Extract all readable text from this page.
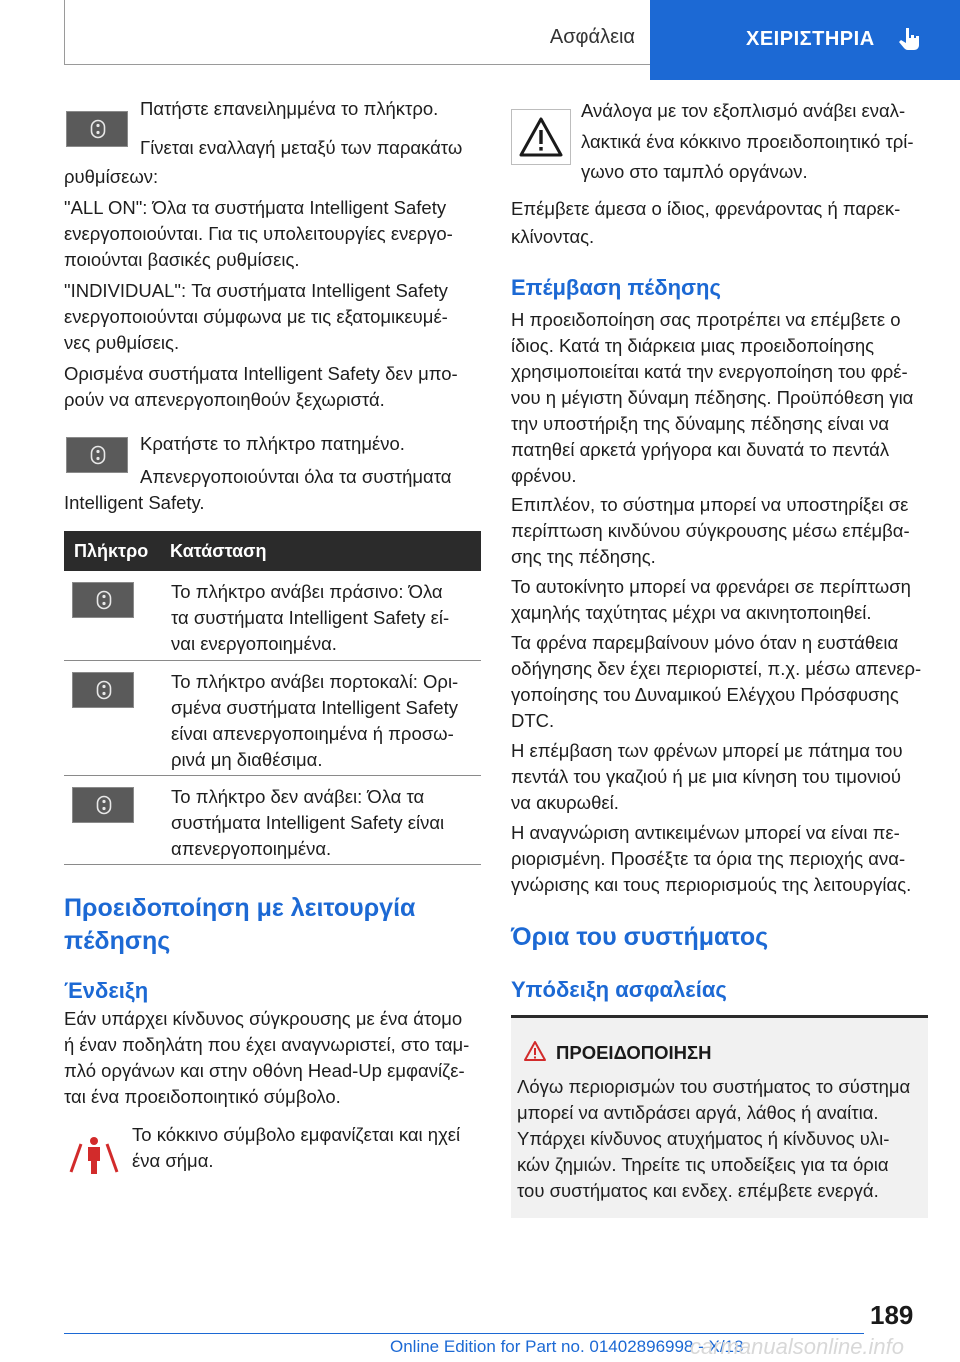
Ασφάλεια	ΧΕΙΡΙΣΤΗΡΙΑ
Πατήστε επανειλημμένα το πλήκτρο.
Γίνεται εναλλαγή μεταξύ των παρακάτω
ρυθμίσεων:
"ALL ON": Όλα τα συστήματα Intelligent Safety
ενεργοποιούνται. Για τις υπολειτουργίες ενεργο-
ποιούνται βασικές ρυθμίσεις.
"INDIVIDUAL": Τα συστήματα Intelligent Safety
ενεργοποιούνται σύμφωνα με τις εξατομικευμέ-
νες ρυθμίσεις.
Ορισμένα συστήματα Intelligent Safety δεν μπο-
ρούν να απενεργοποιηθούν ξεχωριστά.
Κρατήστε το πλήκτρο πατημένο.
Απενεργοποιούνται όλα τα συστήματα
Intelligent Safety.
Πλήκτρο Κατάσταση
Το πλήκτρο ανάβει πράσινο: Όλα
τα συστήματα Intelligent Safety εί-
ναι ενεργοποιημένα.
Το πλήκτρο ανάβει πορτοκαλί: Ορι-
σμένα συστήματα Intelligent Safety
είναι απενεργοποιημένα ή προσω-
ρινά μη διαθέσιμα.
Το πλήκτρο δεν ανάβει: Όλα τα
συστήματα Intelligent Safety είναι
απενεργοποιημένα.
Προειδοποίηση με λειτουργία
πέδησης
Ένδειξη
Εάν υπάρχει κίνδυνος σύγκρουσης με ένα άτομο
ή έναν ποδηλάτη που έχει αναγνωριστεί, στο ταμ-
πλό οργάνων και στην οθόνη Head-Up εμφανίζε-
ται ένα προειδοποιητικό σύμβολο.
Το κόκκινο σύμβολο εμφανίζεται και ηχεί
ένα σήμα.
Ανάλογα με τον εξοπλισμό ανάβει εναλ-
λακτικά ένα κόκκινο προειδοποιητικό τρί-
γωνο στο ταμπλό οργάνων.
Επέμβετε άμεσα ο ίδιος, φρενάροντας ή παρεκ-
κλίνοντας.
Επέμβαση πέδησης
Η προειδοποίηση σας προτρέπει να επέμβετε ο
ίδιος. Κατά τη διάρκεια μιας προειδοποίησης
χρησιμοποιείται κατά την ενεργοποίηση του φρέ-
νου η μέγιστη δύναμη πέδησης. Προϋπόθεση για
την υποστήριξη της δύναμης πέδησης είναι να
πατηθεί αρκετά γρήγορα και δυνατά το πεντάλ
φρένου.
Επιπλέον, το σύστημα μπορεί να υποστηρίξει σε
περίπτωση κινδύνου σύγκρουσης μέσω επέμβα-
σης της πέδησης.
Το αυτοκίνητο μπορεί να φρενάρει σε περίπτωση
χαμηλής ταχύτητας μέχρι να ακινητοποιηθεί.
Τα φρένα παρεμβαίνουν μόνο όταν η ευστάθεια
οδήγησης δεν έχει περιοριστεί, π.χ. μέσω απενερ-
γοποίησης του Δυναμικού Ελέγχου Πρόσφυσης
DTC.
Η επέμβαση των φρένων μπορεί με πάτημα του
πεντάλ του γκαζιού ή με μια κίνηση του τιμονιού
να ακυρωθεί.
Η αναγνώριση αντικειμένων μπορεί να είναι πε-
ριορισμένη. Προσέξτε τα όρια της περιοχής ανα-
γνώρισης και τους περιορισμούς της λειτουργίας.
Όρια του συστήματος
Υπόδειξη ασφαλείας
ΠΡΟΕΙΔΟΠΟΙΗΣΗ
Λόγω περιορισμών του συστήματος το σύστημα
μπορεί να αντιδράσει αργά, λάθος ή αναίτια.
Υπάρχει κίνδυνος ατυχήματος ή κίνδυνος υλι-
κών ζημιών. Τηρείτε τις υποδείξεις για τα όρια
του συστήματος και ενδεχ. επέμβετε ενεργά.
189
Online Edition for Part no. 01402896998 - X/18
carmanualsonline.info
